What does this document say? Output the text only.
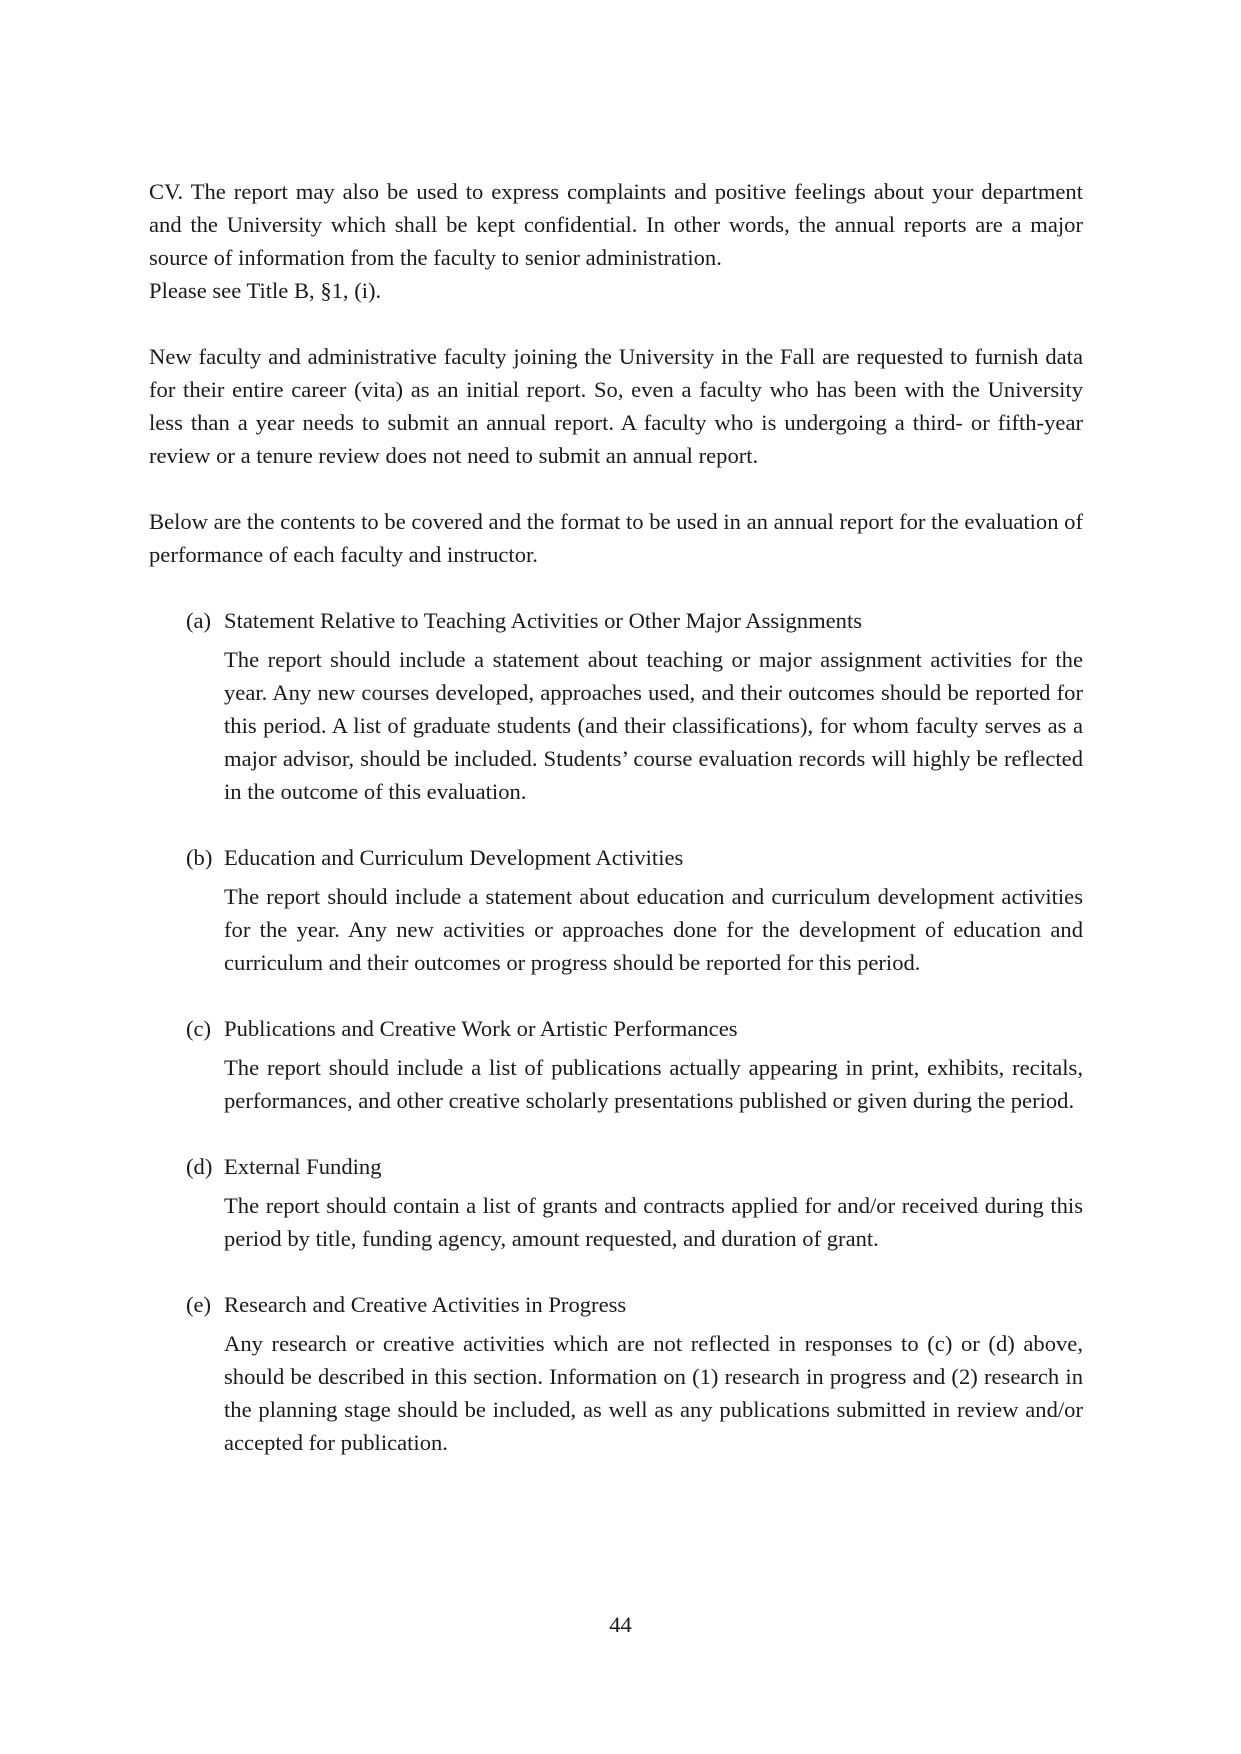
CV. The report may also be used to express complaints and positive feelings about your department and the University which shall be kept confidential. In other words, the annual reports are a major source of information from the faculty to senior administration.

Please see Title B, §1, (i).

New faculty and administrative faculty joining the University in the Fall are requested to furnish data for their entire career (vita) as an initial report. So, even a faculty who has been with the University less than a year needs to submit an annual report. A faculty who is undergoing a third- or fifth-year review or a tenure review does not need to submit an annual report.

Below are the contents to be covered and the format to be used in an annual report for the evaluation of performance of each faculty and instructor.

(a) Statement Relative to Teaching Activities or Other Major Assignments

The report should include a statement about teaching or major assignment activities for the year. Any new courses developed, approaches used, and their outcomes should be reported for this period. A list of graduate students (and their classifications), for whom faculty serves as a major advisor, should be included. Students’ course evaluation records will highly be reflected in the outcome of this evaluation.

(b) Education and Curriculum Development Activities

The report should include a statement about education and curriculum development activities for the year. Any new activities or approaches done for the development of education and curriculum and their outcomes or progress should be reported for this period.

(c) Publications and Creative Work or Artistic Performances

The report should include a list of publications actually appearing in print, exhibits, recitals, performances, and other creative scholarly presentations published or given during the period.

(d) External Funding

The report should contain a list of grants and contracts applied for and/or received during this period by title, funding agency, amount requested, and duration of grant.

(e) Research and Creative Activities in Progress

Any research or creative activities which are not reflected in responses to (c) or (d) above, should be described in this section. Information on (1) research in progress and (2) research in the planning stage should be included, as well as any publications submitted in review and/or accepted for publication.

44
